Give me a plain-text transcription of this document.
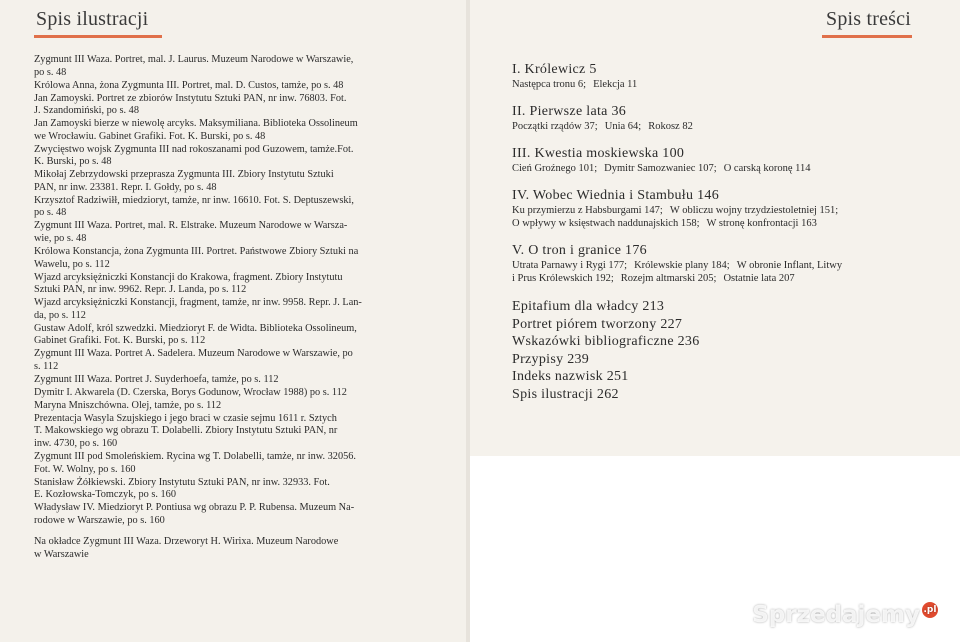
Spis ilustracji
Zygmunt III Waza. Portret, mal. J. Laurus. Muzeum Narodowe w Warszawie,
po s. 48
Królowa Anna, żona Zygmunta III. Portret, mal. D. Custos, tamże, po s. 48
Jan Zamoyski. Portret ze zbiorów Instytutu Sztuki PAN, nr inw. 76803. Fot.
J. Szandomiński, po s. 48
Jan Zamoyski bierze w niewolę arcyks. Maksymiliana. Biblioteka Ossolineum
we Wrocławiu. Gabinet Grafiki. Fot. K. Burski, po s. 48
Zwycięstwo wojsk Zygmunta III nad rokoszanami pod Guzowem, tamże.Fot.
K. Burski, po s. 48
Mikołaj Zebrzydowski przeprasza Zygmunta III. Zbiory Instytutu Sztuki
PAN, nr inw. 23381. Repr. I. Gołdy, po s. 48
Krzysztof Radziwiłł, miedzioryt, tamże, nr inw. 16610. Fot. S. Deptuszewski,
po s. 48
Zygmunt III Waza. Portret, mal. R. Elstrake. Muzeum Narodowe w Warsza-
wie, po s. 48
Królowa Konstancja, żona Zygmunta III. Portret. Państwowe Zbiory Sztuki na
Wawelu, po s. 112
Wjazd arcyksiężniczki Konstancji do Krakowa, fragment. Zbiory Instytutu
Sztuki PAN, nr inw. 9962. Repr. J. Landa, po s. 112
Wjazd arcyksiężniczki Konstancji, fragment, tamże, nr inw. 9958. Repr. J. Lan-
da, po s. 112
Gustaw Adolf, król szwedzki. Miedzioryt F. de Widta. Biblioteka Ossolineum,
Gabinet Grafiki. Fot. K. Burski, po s. 112
Zygmunt III Waza. Portret A. Sadelera. Muzeum Narodowe w Warszawie, po
s. 112
Zygmunt III Waza. Portret J. Suyderhoefa, tamże, po s. 112
Dymitr I. Akwarela (D. Czerska, Borys Godunow, Wrocław 1988) po s. 112
Maryna Mniszchówna. Olej, tamże, po s. 112
Prezentacja Wasyla Szujskiego i jego braci w czasie sejmu 1611 r. Sztych
T. Makowskiego wg obrazu T. Dolabelli. Zbiory Instytutu Sztuki PAN, nr
inw. 4730, po s. 160
Zygmunt III pod Smoleńskiem. Rycina wg T. Dolabelli, tamże, nr inw. 32056.
Fot. W. Wolny, po s. 160
Stanisław Żółkiewski. Zbiory Instytutu Sztuki PAN, nr inw. 32933. Fot.
E. Kozłowska-Tomczyk, po s. 160
Władysław IV. Miedzioryt P. Pontiusa wg obrazu P. P. Rubensa. Muzeum Na-
rodowe w Warszawie, po s. 160
Na okładce Zygmunt III Waza. Drzeworyt H. Wirixa. Muzeum Narodowe
w Warszawie
Spis treści
I. Królewicz 5
Następca tronu 6; Elekcja 11
II. Pierwsze lata 36
Początki rządów 37; Unia 64; Rokosz 82
III. Kwestia moskiewska 100
Cień Groźnego 101; Dymitr Samozwaniec 107; O carską koronę 114
IV. Wobec Wiednia i Stambułu 146
Ku przymierzu z Habsburgami 147; W obliczu wojny trzydziestoletniej 151;
O wpływy w księstwach naddunajskich 158; W stronę konfrontacji 163
V. O tron i granice 176
Utrata Parnawy i Rygi 177; Królewskie plany 184; W obronie Inflant, Litwy
i Prus Królewskich 192; Rozejm altmarski 205; Ostatnie lata 207
Epitafium dla władcy 213
Portret piórem tworzony 227
Wskazówki bibliograficzne 236
Przypisy 239
Indeks nazwisk 251
Spis ilustracji 262
Sprzedajemy .pl
